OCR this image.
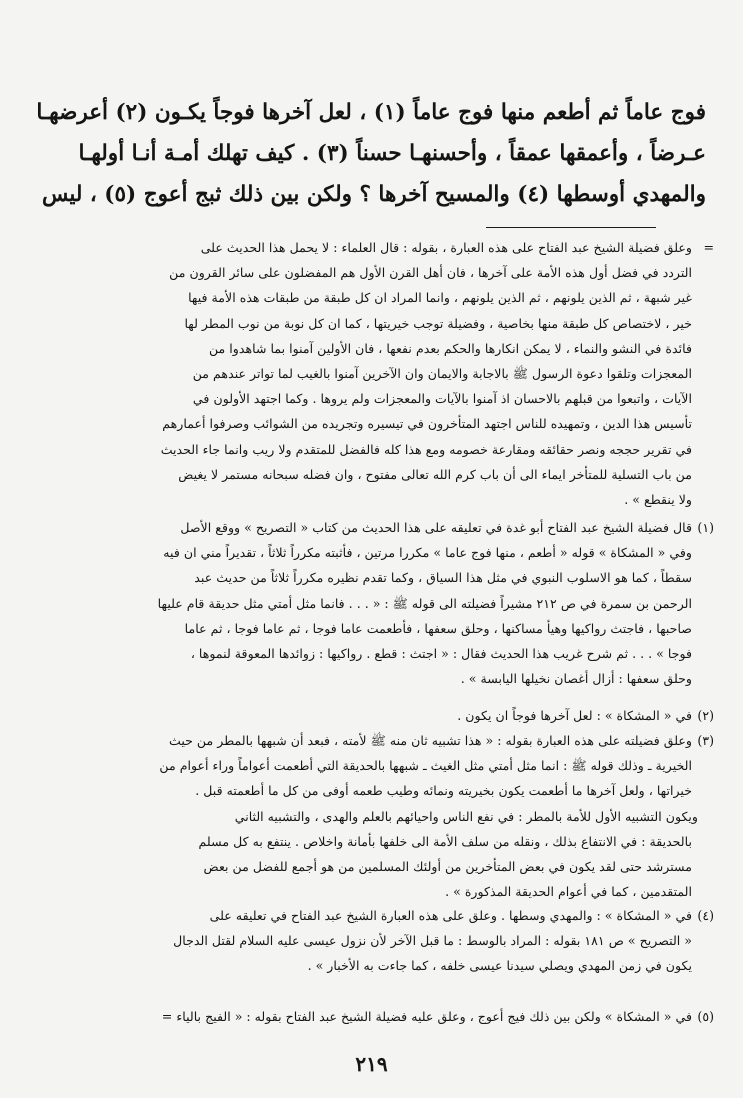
فوج عاماً ثم أطعم منها فوج عاماً (١) ، لعل آخرها فوجاً يكـون (٢) أعرضهـا
عـرضاً ، وأعمقها عمقاً ، وأحسنهـا حسناً (٣) . كيف تهلك أمـة أنـا أولهـا
والمهدي أوسطها (٤) والمسيح آخرها ؟ ولكن بين ذلك ثبج أعوج (٥) ، ليس
=وعلق فضيلة الشيخ عبد الفتاح على هذه العبارة ، بقوله : قال العلماء : لا يحمل هذا الحديث على
التردد في فضل أول هذه الأمة على آخرها ، فان أهل القرن الأول هم المفضلون على سائر القرون من
غير شبهة ، ثم الذين يلونهم ، ثم الذين يلونهم ، وانما المراد ان كل طبقة من طبقات هذه الأمة فيها
خير ، لاختصاص كل طبقة منها بخاصية ، وفضيلة توجب خيريتها ، كما ان كل نوبة من نوب المطر لها
فائدة في النشو والنماء ، لا يمكن انكارها والحكم بعدم نفعها ، فان الأولين آمنوا بما شاهدوا من
المعجزات وتلقوا دعوة الرسول ﷺ بالاجابة والايمان وان الآخرين آمنوا بالغيب لما تواتر عندهم من
الآيات ، واتبعوا من قبلهم بالاحسان اذ آمنوا بالآيات والمعجزات ولم يروها . وكما اجتهد الأولون في
تأسيس هذا الدين ، وتمهيده للناس اجتهد المتأخرون في تيسيره وتجريده من الشوائب وصرفوا أعمارهم
في تقرير حججه ونصر حقائقه ومقارعة خصومه ومع هذا كله فالفضل للمتقدم ولا ريب وانما جاء الحديث
من باب التسلية للمتأخر ايماء الى أن باب كرم الله تعالى مفتوح ، وان فضله سبحانه مستمر لا يغيض
ولا ينقطع » .
(١)قال فضيلة الشيخ عبد الفتاح أبو غدة في تعليقه على هذا الحديث من كتاب « التصريح » ووقع الأصل
وفي « المشكاة » قوله « أطعم ، منها فوج عاما » مكررا مرتين ، فأثبته مكرراً ثلاثاً ، تقديراً مني ان فيه
سقطاً ، كما هو الاسلوب النبوي في مثل هذا السياق ، وكما تقدم نظيره مكرراً ثلاثاً من حديث عبد
الرحمن بن سمرة في ص ٢١٢ مشيراً فضيلته الى قوله ﷺ : « . . . فانما مثل أمتي مثل حديقة قام عليها
صاحبها ، فاجتث رواكيها وهيأ مساكنها ، وحلق سعفها ، فأطعمت عاما فوجا ، ثم عاما فوجا ، ثم عاما
فوجا » . . . ثم شرح غريب هذا الحديث فقال : « اجتث : قطع . رواكيها : زوائدها المعوقة لنموها ،
وحلق سعفها : أزال أغصان نخيلها اليابسة » .
(٢)في « المشكاة » : لعل آخرها فوجاً ان يكون .
(٣)وعلق فضيلته على هذه العبارة بقوله : « هذا تشبيه ثان منه ﷺ لأمته ، فبعد أن شبهها بالمطر من حيث
الخيرية ـ وذلك قوله ﷺ : انما مثل أمتي مثل الغيث ـ شبهها بالحديقة التي أطعمت أعواماً وراء أعوام من
خيراتها ، ولعل آخرها ما أطعمت يكون بخيريته ونمائه وطيب طعمه أوفى من كل ما أطعمته قبل .
ويكون التشبيه الأول للأمة بالمطر : في نفع الناس واحيائهم بالعلم والهدى ، والتشبيه الثاني
بالحديقة : في الانتفاع بذلك ، ونقله من سلف الأمة الى خلفها بأمانة واخلاص . ينتفع به كل مسلم
مسترشد حتى لقد يكون في بعض المتأخرين من أولئك المسلمين من هو أجمع للفضل من بعض
المتقدمين ، كما في أعوام الحديقة المذكورة » .
(٤)في « المشكاة » : والمهدي وسطها . وعلق على هذه العبارة الشيخ عبد الفتاح في تعليقه على
« التصريح » ص ١٨١ بقوله : المراد بالوسط : ما قبل الآخر لأن نزول عيسى عليه السلام لقتل الدجال
يكون في زمن المهدي ويصلي سيدنا عيسى خلفه ، كما جاءت به الأخبار » .
(٥)في « المشكاة » ولكن بين ذلك فيج أعوج ، وعلق عليه فضيلة الشيخ عبد الفتاح بقوله : « الفيج بالياء =
٢١٩
